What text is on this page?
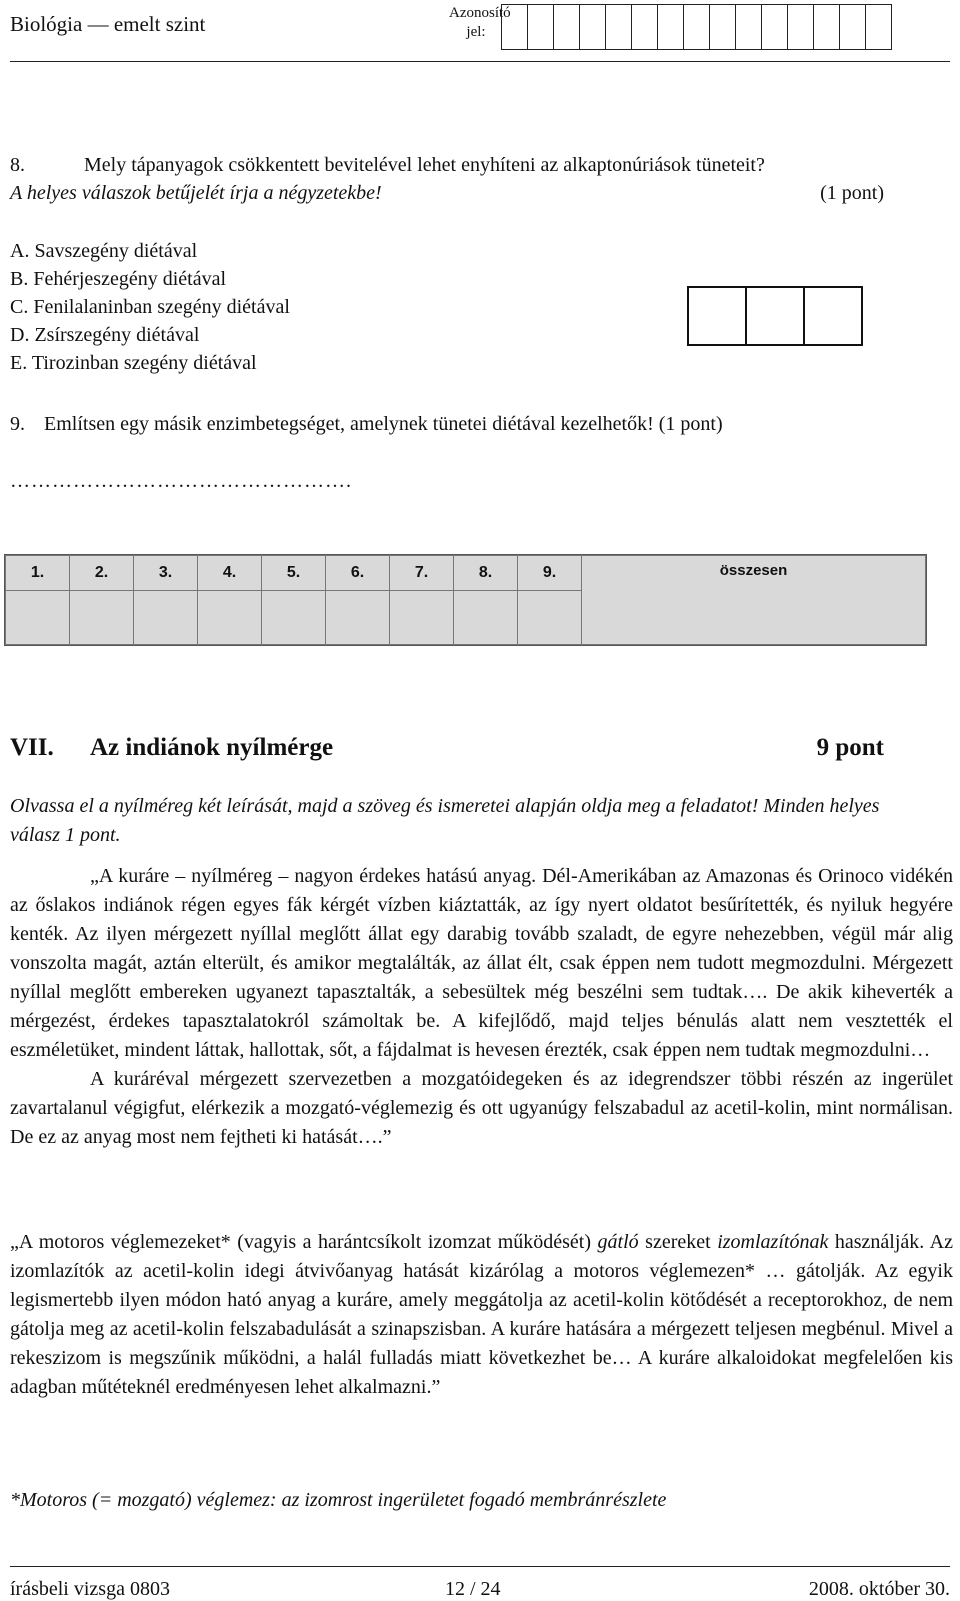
Biológia — emelt szint	Azonosító jel:
8.	Mely tápanyagok csökkentett bevitelével lehet enyhíteni az alkaptonúriások tüneteit?
A helyes válaszok betűjelét írja a négyzetekbe!	(1 pont)
A. Savszegény diétával
B. Fehérjeszegény diétával
C. Fenilalaninban szegény diétával
D. Zsírszegény diétával
E. Tirozinban szegény diétával
9. Említsen egy másik enzimbetegséget, amelynek tünetei diétával kezelhetők! (1 pont)
………………………………………….
1.	2.	3.	4.	5.	6.	7.	8.	9.	összesen

VII. Az indiánok nyílmérge	9 pont
Olvassa el a nyílméreg két leírását, majd a szöveg és ismeretei alapján oldja meg a feladatot! Minden helyes válasz 1 pont.

„A kuráre – nyílméreg – nagyon érdekes hatású anyag. Dél-Amerikában az Amazonas és Orinoco vidékén az őslakos indiánok régen egyes fák kérgét vízben kiáztatták, az így nyert oldatot besűrítették, és nyiluk hegyére kenték. Az ilyen mérgezett nyíllal meglőtt állat egy darabig tovább szaladt, de egyre nehezebben, végül már alig vonszolta magát, aztán elterült, és amikor megtalálták, az állat élt, csak éppen nem tudott megmozdulni. Mérgezett nyíllal meglőtt embereken ugyanezt tapasztalták, a sebesültek még beszélni sem tudtak…. De akik kiheverték a mérgezést, érdekes tapasztalatokról számoltak be. A kifejlődő, majd teljes bénulás alatt nem vesztették el eszméletüket, mindent láttak, hallottak, sőt, a fájdalmat is hevesen érezték, csak éppen nem tudtak megmozdulni…

A kuráréval mérgezett szervezetben a mozgatóidegeken és az idegrendszer többi részén az ingerület zavartalanul végigfut, elérkezik a mozgató-véglemezig és ott ugyanúgy felszabadul az acetil-kolin, mint normálisan. De ez az anyag most nem fejtheti ki hatását….”

„A motoros véglemezeket* (vagyis a harántcsíkolt izomzat működését) gátló szereket izomlazítónak használják. Az izomlazítók az acetil-kolin idegi átvivőanyag hatását kizárólag a motoros véglemezen* … gátolják. Az egyik legismertebb ilyen módon ható anyag a kuráre, amely meggátolja az acetil-kolin kötődését a receptorokhoz, de nem gátolja meg az acetil-kolin felszabadulását a szinapszisban. A kuráre hatására a mérgezett teljesen megbénul. Mivel a rekeszizom is megszűnik működni, a halál fulladás miatt következhet be… A kuráre alkaloidokat megfelelően kis adagban műtéteknél eredményesen lehet alkalmazni.”

*Motoros (= mozgató) véglemez: az izomrost ingerületet fogadó membránrészlete
írásbeli vizsga 0803	12 / 24	2008. október 30.
